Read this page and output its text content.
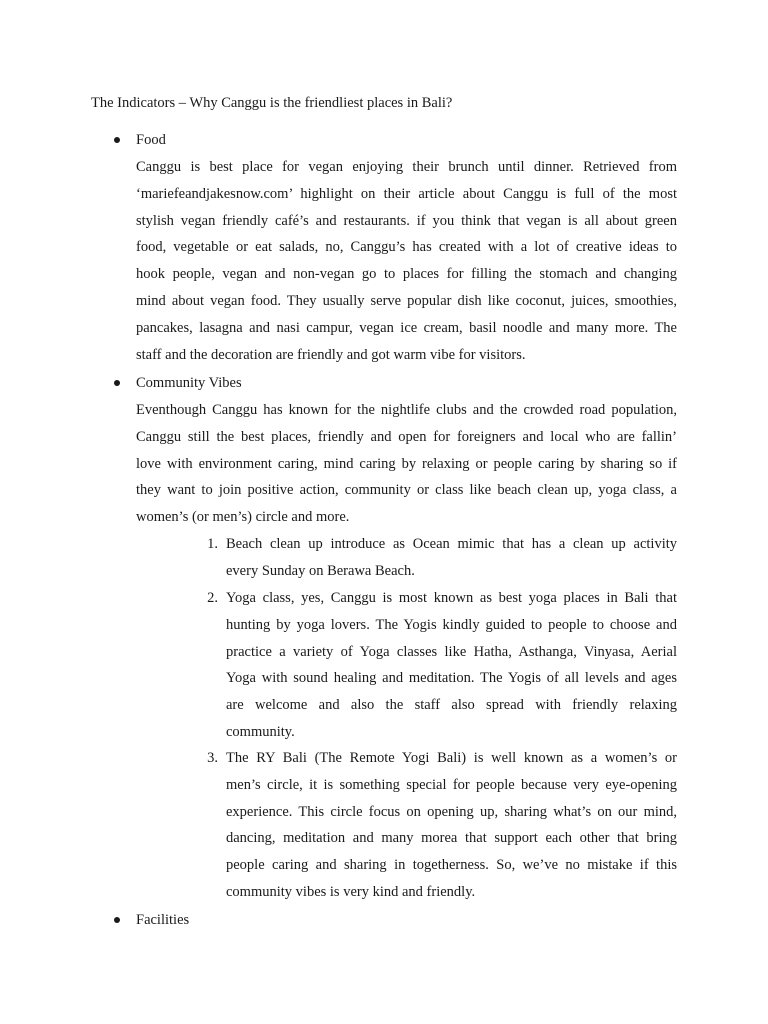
The Indicators – Why Canggu is the friendliest places in Bali?
Food
Canggu is best place for vegan enjoying their brunch until dinner. Retrieved from
‘mariefeandjakesnow.com’ highlight on their article about Canggu is full of the most
stylish vegan friendly café’s and restaurants. if you think that vegan is all about green
food, vegetable or eat salads, no, Canggu’s has created with a lot of creative ideas to
hook people, vegan and non-vegan go to places for filling the stomach and changing
mind about vegan food. They usually serve popular dish like coconut, juices, smoothies,
pancakes, lasagna and nasi campur, vegan ice cream, basil noodle and many more. The
staff and the decoration are friendly and got warm vibe for visitors.
Community Vibes
Eventhough Canggu has known for the nightlife clubs and the crowded road population,
Canggu still the best places, friendly and open for foreigners and local who are fallin’
love with environment caring, mind caring by relaxing or people caring by sharing so if
they want to join positive action, community or class like beach clean up, yoga class, a
women’s (or men’s) circle and more.
1. Beach clean up introduce as Ocean mimic that has a clean up activity
every Sunday on Berawa Beach.
2. Yoga class, yes, Canggu is most known as best yoga places in Bali that
hunting by yoga lovers. The Yogis kindly guided to people to choose and
practice a variety of Yoga classes like Hatha, Asthanga, Vinyasa, Aerial
Yoga with sound healing and meditation. The Yogis of all levels and ages
are welcome and also the staff also spread with friendly relaxing
community.
3. The RY Bali (The Remote Yogi Bali) is well known as a women’s or
men’s circle, it is something special for people because very eye-opening
experience. This circle focus on opening up, sharing what’s on our mind,
dancing, meditation and many morea that support each other that bring
people caring and sharing in togetherness. So, we’ve no mistake if this
community vibes is very kind and friendly.
Facilities
